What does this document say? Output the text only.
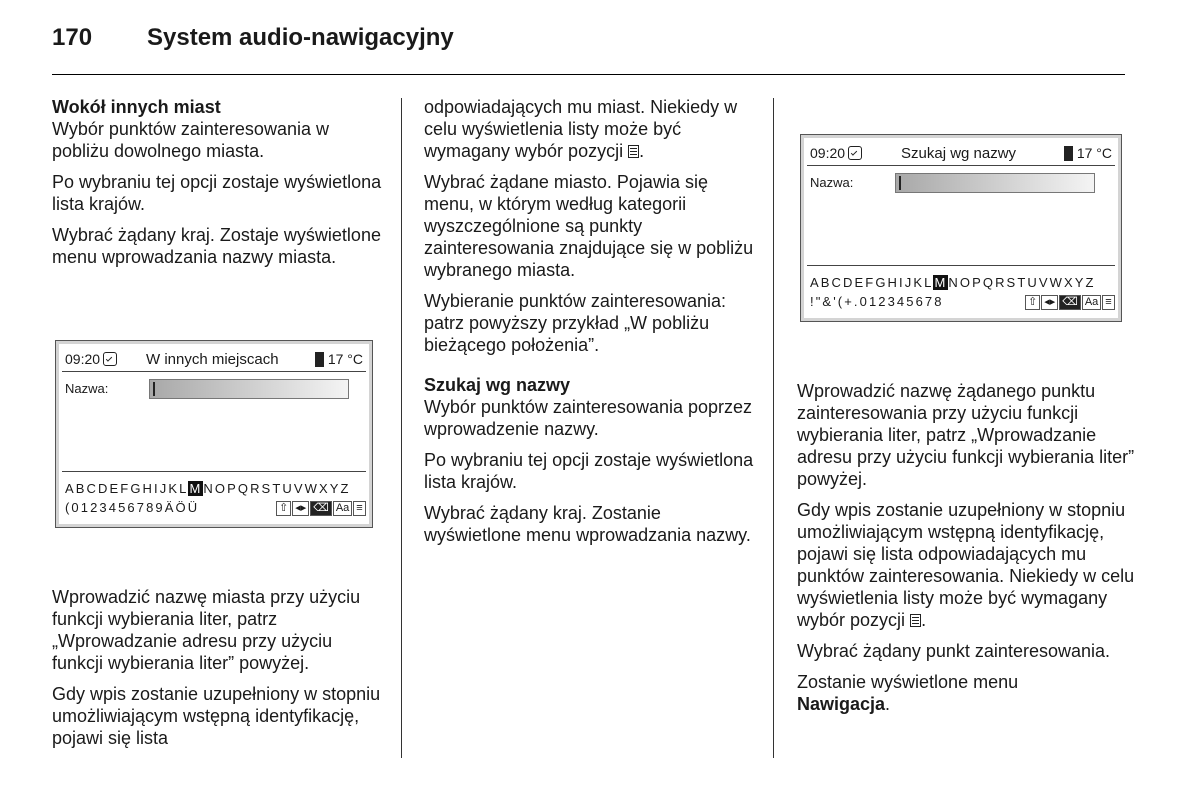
170 System audio-nawigacyjny
Wokół innych miast

Wybór punktów zainteresowania w pobliżu dowolnego miasta.

Po wybraniu tej opcji zostaje wyświetlona lista krajów.

Wybrać żądany kraj. Zostaje wyświetlone menu wprowadzania nazwy miasta.

09:20	W innych miejscach	17 °C
Nazwa:
ABCDEFGHIJKLMNOPQRSTUVWXYZ
(0123456789ÄÖÜ	⇧ ◂▸ ⌫ Aa ≡

Wprowadzić nazwę miasta przy użyciu funkcji wybierania liter, patrz „Wprowadzanie adresu przy użyciu funkcji wybierania liter” powyżej.

Gdy wpis zostanie uzupełniony w stopniu umożliwiającym wstępną identyfikację, pojawi się lista

odpowiadających mu miast. Niekiedy w celu wyświetlenia listy może być wymagany wybór pozycji .

Wybrać żądane miasto. Pojawia się menu, w którym według kategorii wyszczególnione są punkty zainteresowania znajdujące się w pobliżu wybranego miasta.

Wybieranie punktów zainteresowania: patrz powyższy przykład „W pobliżu bieżącego położenia”.

Szukaj wg nazwy

Wybór punktów zainteresowania poprzez wprowadzenie nazwy.

Po wybraniu tej opcji zostaje wyświetlona lista krajów.

Wybrać żądany kraj. Zostanie wyświetlone menu wprowadzania nazwy.

09:20	Szukaj wg nazwy	17 °C
Nazwa:
ABCDEFGHIJKLMNOPQRSTUVWXYZ
!"&'(+.012345678	⇧ ◂▸ ⌫ Aa ≡

Wprowadzić nazwę żądanego punktu zainteresowania przy użyciu funkcji wybierania liter, patrz „Wprowadzanie adresu przy użyciu funkcji wybierania liter” powyżej.

Gdy wpis zostanie uzupełniony w stopniu umożliwiającym wstępną identyfikację, pojawi się lista odpowiadających mu punktów zainteresowania. Niekiedy w celu wyświetlenia listy może być wymagany wybór pozycji .

Wybrać żądany punkt zainteresowania.

Zostanie wyświetlone menu
Nawigacja.
